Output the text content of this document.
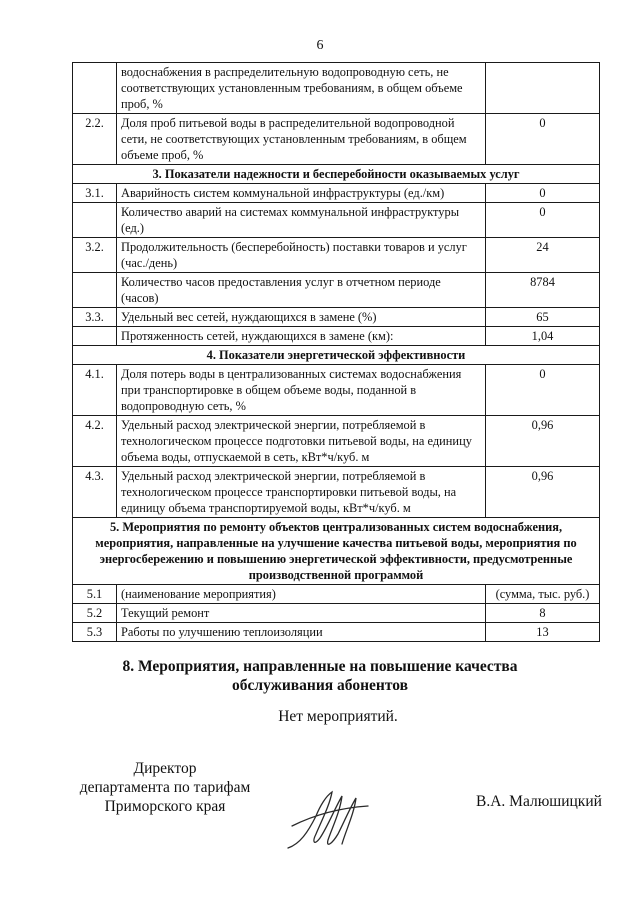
6
	водоснабжения в распределительную водопроводную сеть, не соответствующих установленным требованиям, в общем объеме проб, %	
2.2.	Доля проб питьевой воды в распределительной водопроводной сети, не соответствующих установленным требованиям, в общем объеме проб, %	0
3. Показатели надежности и бесперебойности оказываемых услуг		
3.1.	Аварийность систем коммунальной инфраструктуры (ед./км)	0
	Количество аварий на системах коммунальной инфраструктуры (ед.)	0
3.2.	Продолжительность (бесперебойность) поставки товаров и услуг (час./день)	24
	Количество часов предоставления услуг в отчетном периоде (часов)	8784
3.3.	Удельный вес сетей, нуждающихся в замене (%)	65
	Протяженность сетей, нуждающихся в замене (км):	1,04
4. Показатели энергетической эффективности		
4.1.	Доля потерь воды в централизованных системах водоснабжения при транспортировке в общем объеме воды, поданной в водопроводную сеть, %	0
4.2.	Удельный расход электрической энергии, потребляемой в технологическом процессе подготовки питьевой воды, на единицу объема воды, отпускаемой в сеть, кВт*ч/куб. м	0,96
4.3.	Удельный расход электрической энергии, потребляемой в технологическом процессе транспортировки питьевой воды, на единицу объема транспортируемой воды, кВт*ч/куб. м	0,96
5. Мероприятия по ремонту объектов централизованных систем водоснабжения, мероприятия, направленные на улучшение качества питьевой воды, мероприятия по энергосбережению и повышению энергетической эффективности, предусмотренные производственной программой		
5.1	(наименование мероприятия)	(сумма, тыс. руб.)
5.2	Текущий ремонт	8
5.3	Работы по улучшению теплоизоляции	13
8. Мероприятия, направленные на повышение качества
обслуживания абонентов
Нет мероприятий.
Директор
департамента по тарифам
Приморского края	В.А. Малюшицкий
